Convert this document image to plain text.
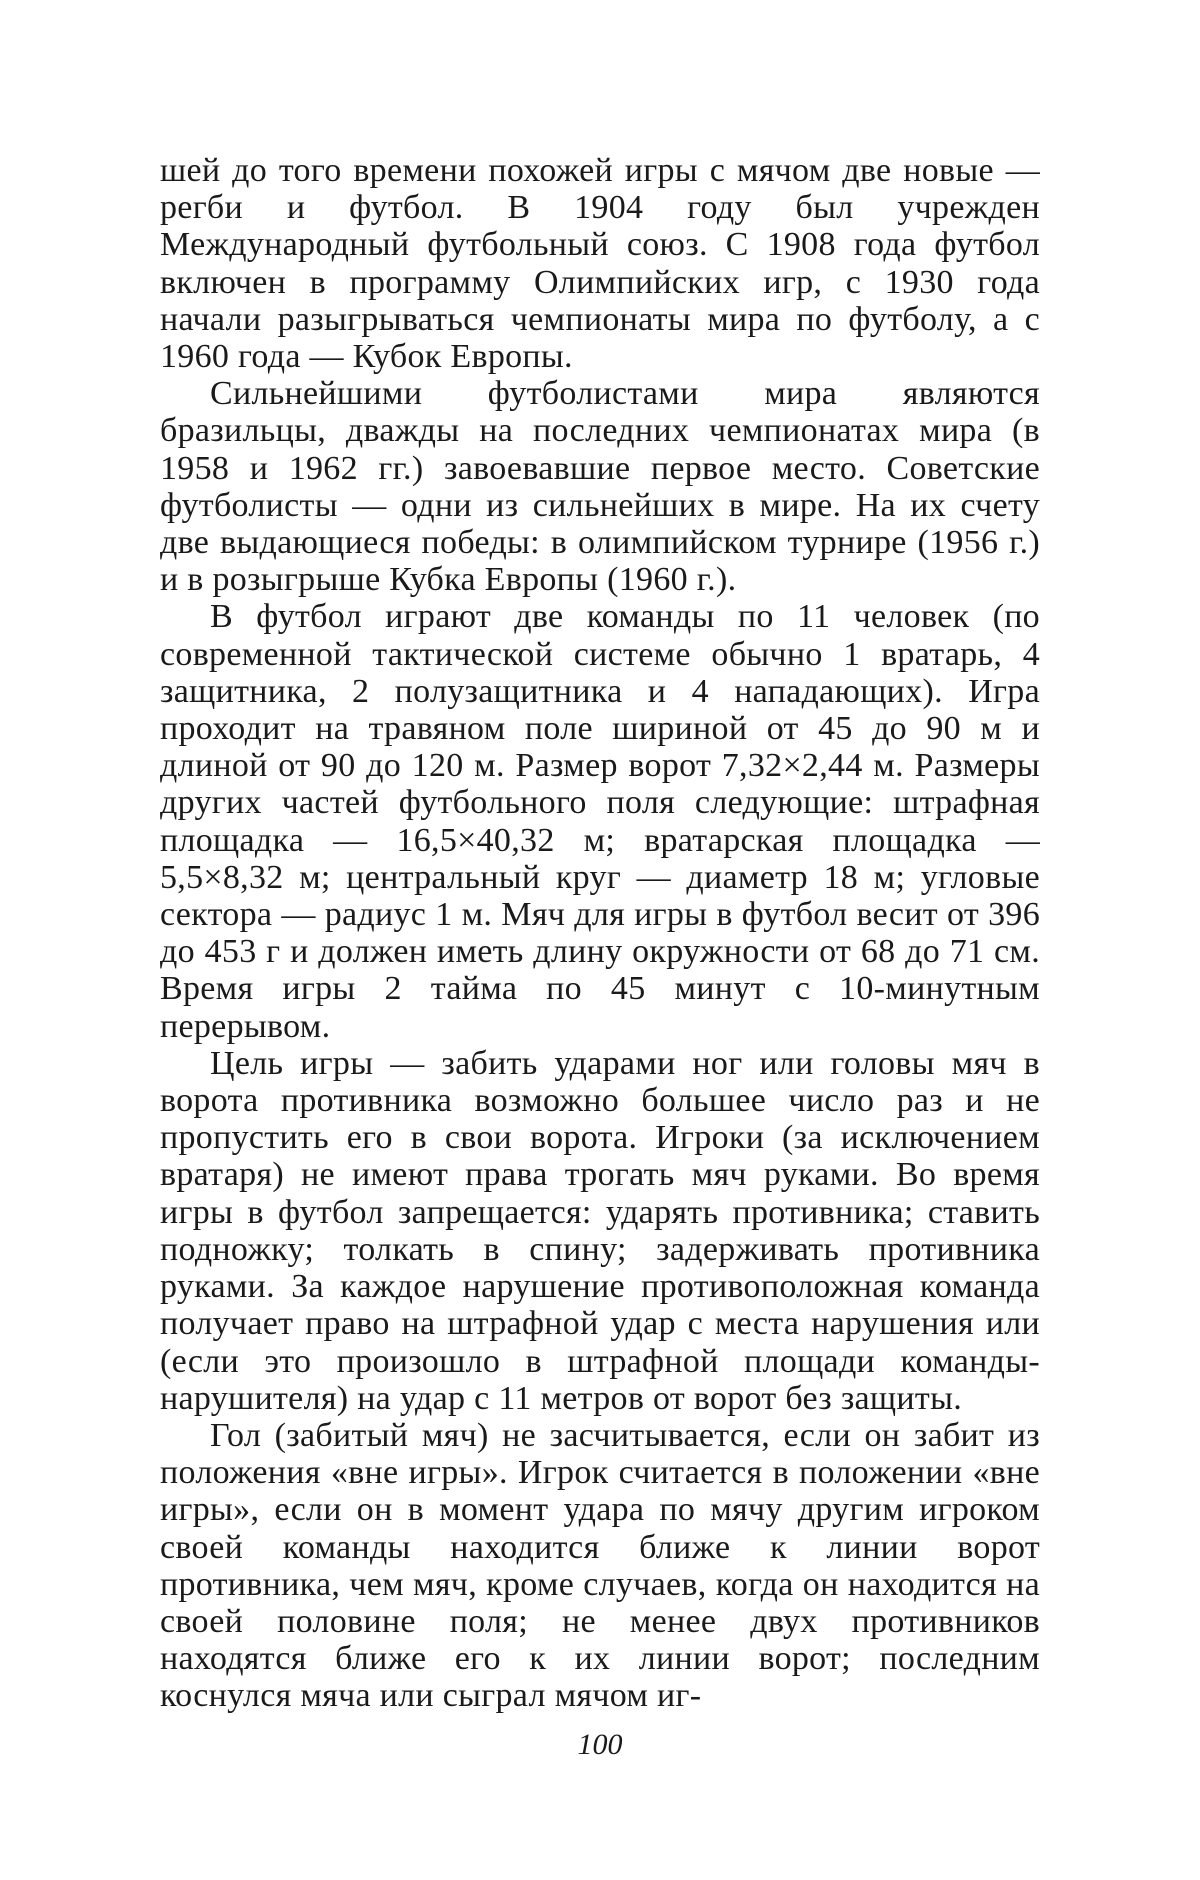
шей до того времени похожей игры с мячом две новые — регби и футбол. В 1904 году был учрежден Международный футбольный союз. С 1908 года футбол включен в программу Олимпийских игр, с 1930 года начали разыгрываться чемпионаты мира по футболу, а с 1960 года — Кубок Европы.

Сильнейшими футболистами мира являются бразильцы, дважды на последних чемпионатах мира (в 1958 и 1962 гг.) завоевавшие первое место. Советские футболисты — одни из сильнейших в мире. На их счету две выдающиеся победы: в олимпийском турнире (1956 г.) и в розыгрыше Кубка Европы (1960 г.).

В футбол играют две команды по 11 человек (по современной тактической системе обычно 1 вратарь, 4 защитника, 2 полузащитника и 4 нападающих). Игра проходит на травяном поле шириной от 45 до 90 м и длиной от 90 до 120 м. Размер ворот 7,32×2,44 м. Размеры других частей футбольного поля следующие: штрафная площадка — 16,5×40,32 м; вратарская площадка — 5,5×8,32 м; центральный круг — диаметр 18 м; угловые сектора — радиус 1 м. Мяч для игры в футбол весит от 396 до 453 г и должен иметь длину окружности от 68 до 71 см. Время игры 2 тайма по 45 минут с 10-минутным перерывом.

Цель игры — забить ударами ног или головы мяч в ворота противника возможно большее число раз и не пропустить его в свои ворота. Игроки (за исключением вратаря) не имеют права трогать мяч руками. Во время игры в футбол запрещается: ударять противника; ставить подножку; толкать в спину; задерживать противника руками. За каждое нарушение противоположная команда получает право на штрафной удар с места нарушения или (если это произошло в штрафной площади команды-нарушителя) на удар с 11 метров от ворот без защиты.

Гол (забитый мяч) не засчитывается, если он забит из положения «вне игры». Игрок считается в положении «вне игры», если он в момент удара по мячу другим игроком своей команды находится ближе к линии ворот противника, чем мяч, кроме случаев, когда он находится на своей половине поля; не менее двух противников находятся ближе его к их линии ворот; последним коснулся мяча или сыграл мячом иг-

100
